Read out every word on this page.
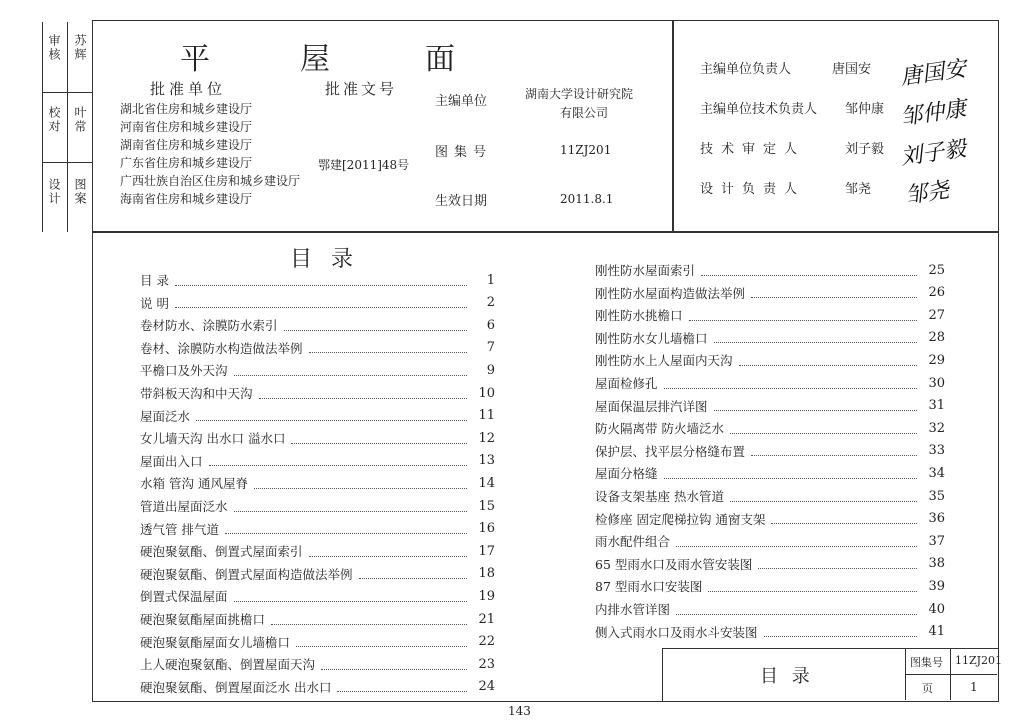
审核 苏辉
校对 叶常
设计 图案
平	屋	面
批准单位
湖北省住房和城乡建设厅
河南省住房和城乡建设厅
湖南省住房和城乡建设厅
广东省住房和城乡建设厅
广西壮族自治区住房和城乡建设厅
海南省住房和城乡建设厅
批准文号
鄂建[2011]48号
主编单位	湖南大学设计研究院
有限公司
图集号	11ZJ201
生效日期	2011.8.1
主编单位负责人	唐国安 唐国安
主编单位技术负责人 邹仲康 邹仲康
技术审定人	刘子毅 刘子毅
设计负责人	邹尧 邹尧
目 录
目 录	1
说 明	2
卷材防水、涂膜防水索引	6
卷材、涂膜防水构造做法举例	7
平檐口及外天沟	9
带斜板天沟和中天沟	10
屋面泛水	11
女儿墙天沟 出水口 溢水口	12
屋面出入口	13
水箱 管沟 通风屋脊	14
管道出屋面泛水	15
透气管 排气道	16
硬泡聚氨酯、倒置式屋面索引	17
硬泡聚氨酯、倒置式屋面构造做法举例	18
倒置式保温屋面	19
硬泡聚氨酯屋面挑檐口	21
硬泡聚氨酯屋面女儿墙檐口	22
上人硬泡聚氨酯、倒置屋面天沟	23
硬泡聚氨酯、倒置屋面泛水 出水口	24
刚性防水屋面索引	25
刚性防水屋面构造做法举例	26
刚性防水挑檐口	27
刚性防水女儿墙檐口	28
刚性防水上人屋面内天沟	29
屋面检修孔	30
屋面保温层排汽详图	31
防火隔离带 防火墙泛水	32
保护层、找平层分格缝布置	33
屋面分格缝	34
设备支架基座 热水管道	35
检修座 固定爬梯拉钩 通窗支架	36
雨水配件组合	37
65 型雨水口及雨水管安装图	38
87 型雨水口安装图	39
内排水管详图	40
侧入式雨水口及雨水斗安装图	41
目 录
图集号 11ZJ201
页	1
143
